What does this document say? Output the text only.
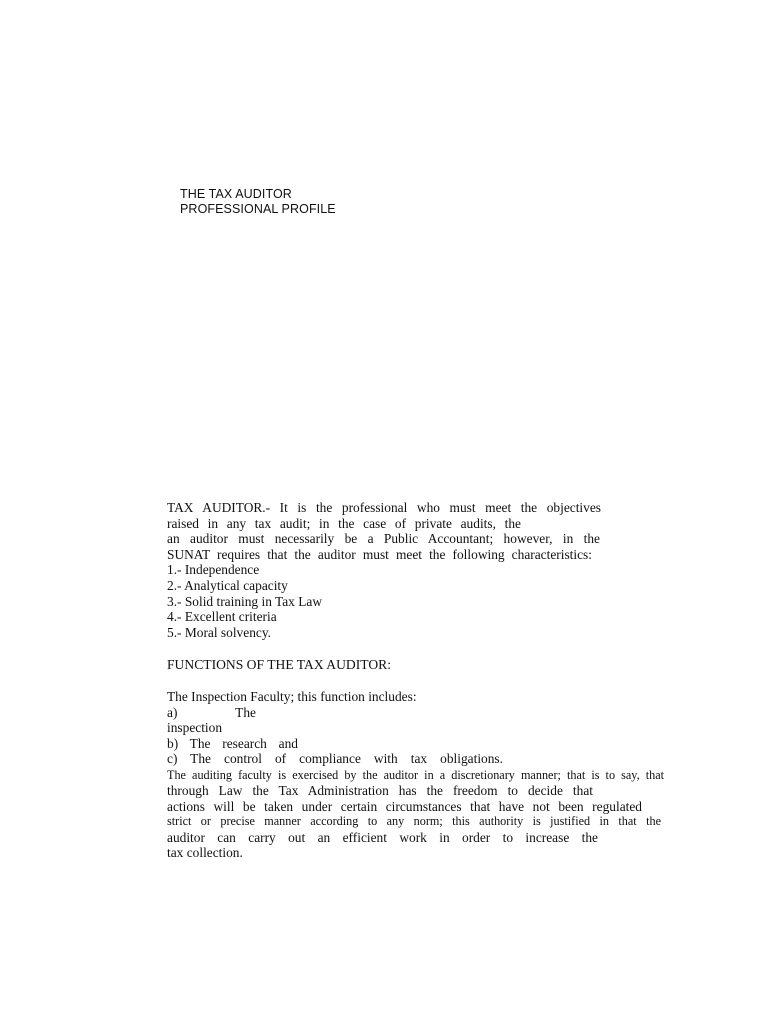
THE TAX AUDITOR
PROFESSIONAL PROFILE
TAX AUDITOR.- It is the professional who must meet the objectives
raised in any tax audit; in the case of private audits, the
an auditor must necessarily be a Public Accountant; however, in the
SUNAT requires that the auditor must meet the following characteristics:
1.- Independence
2.- Analytical capacity
3.- Solid training in Tax Law
4.- Excellent criteria
5.- Moral solvency.
FUNCTIONS OF THE TAX AUDITOR:
The Inspection Faculty; this function includes:
a) The inspection
b) The research and
c) The control of compliance with tax obligations.
The auditing faculty is exercised by the auditor in a discretionary manner; that is to say, that
through Law the Tax Administration has the freedom to decide that
actions will be taken under certain circumstances that have not been regulated
strict or precise manner according to any norm; this authority is justified in that the
auditor can carry out an efficient work in order to increase the
tax collection.
